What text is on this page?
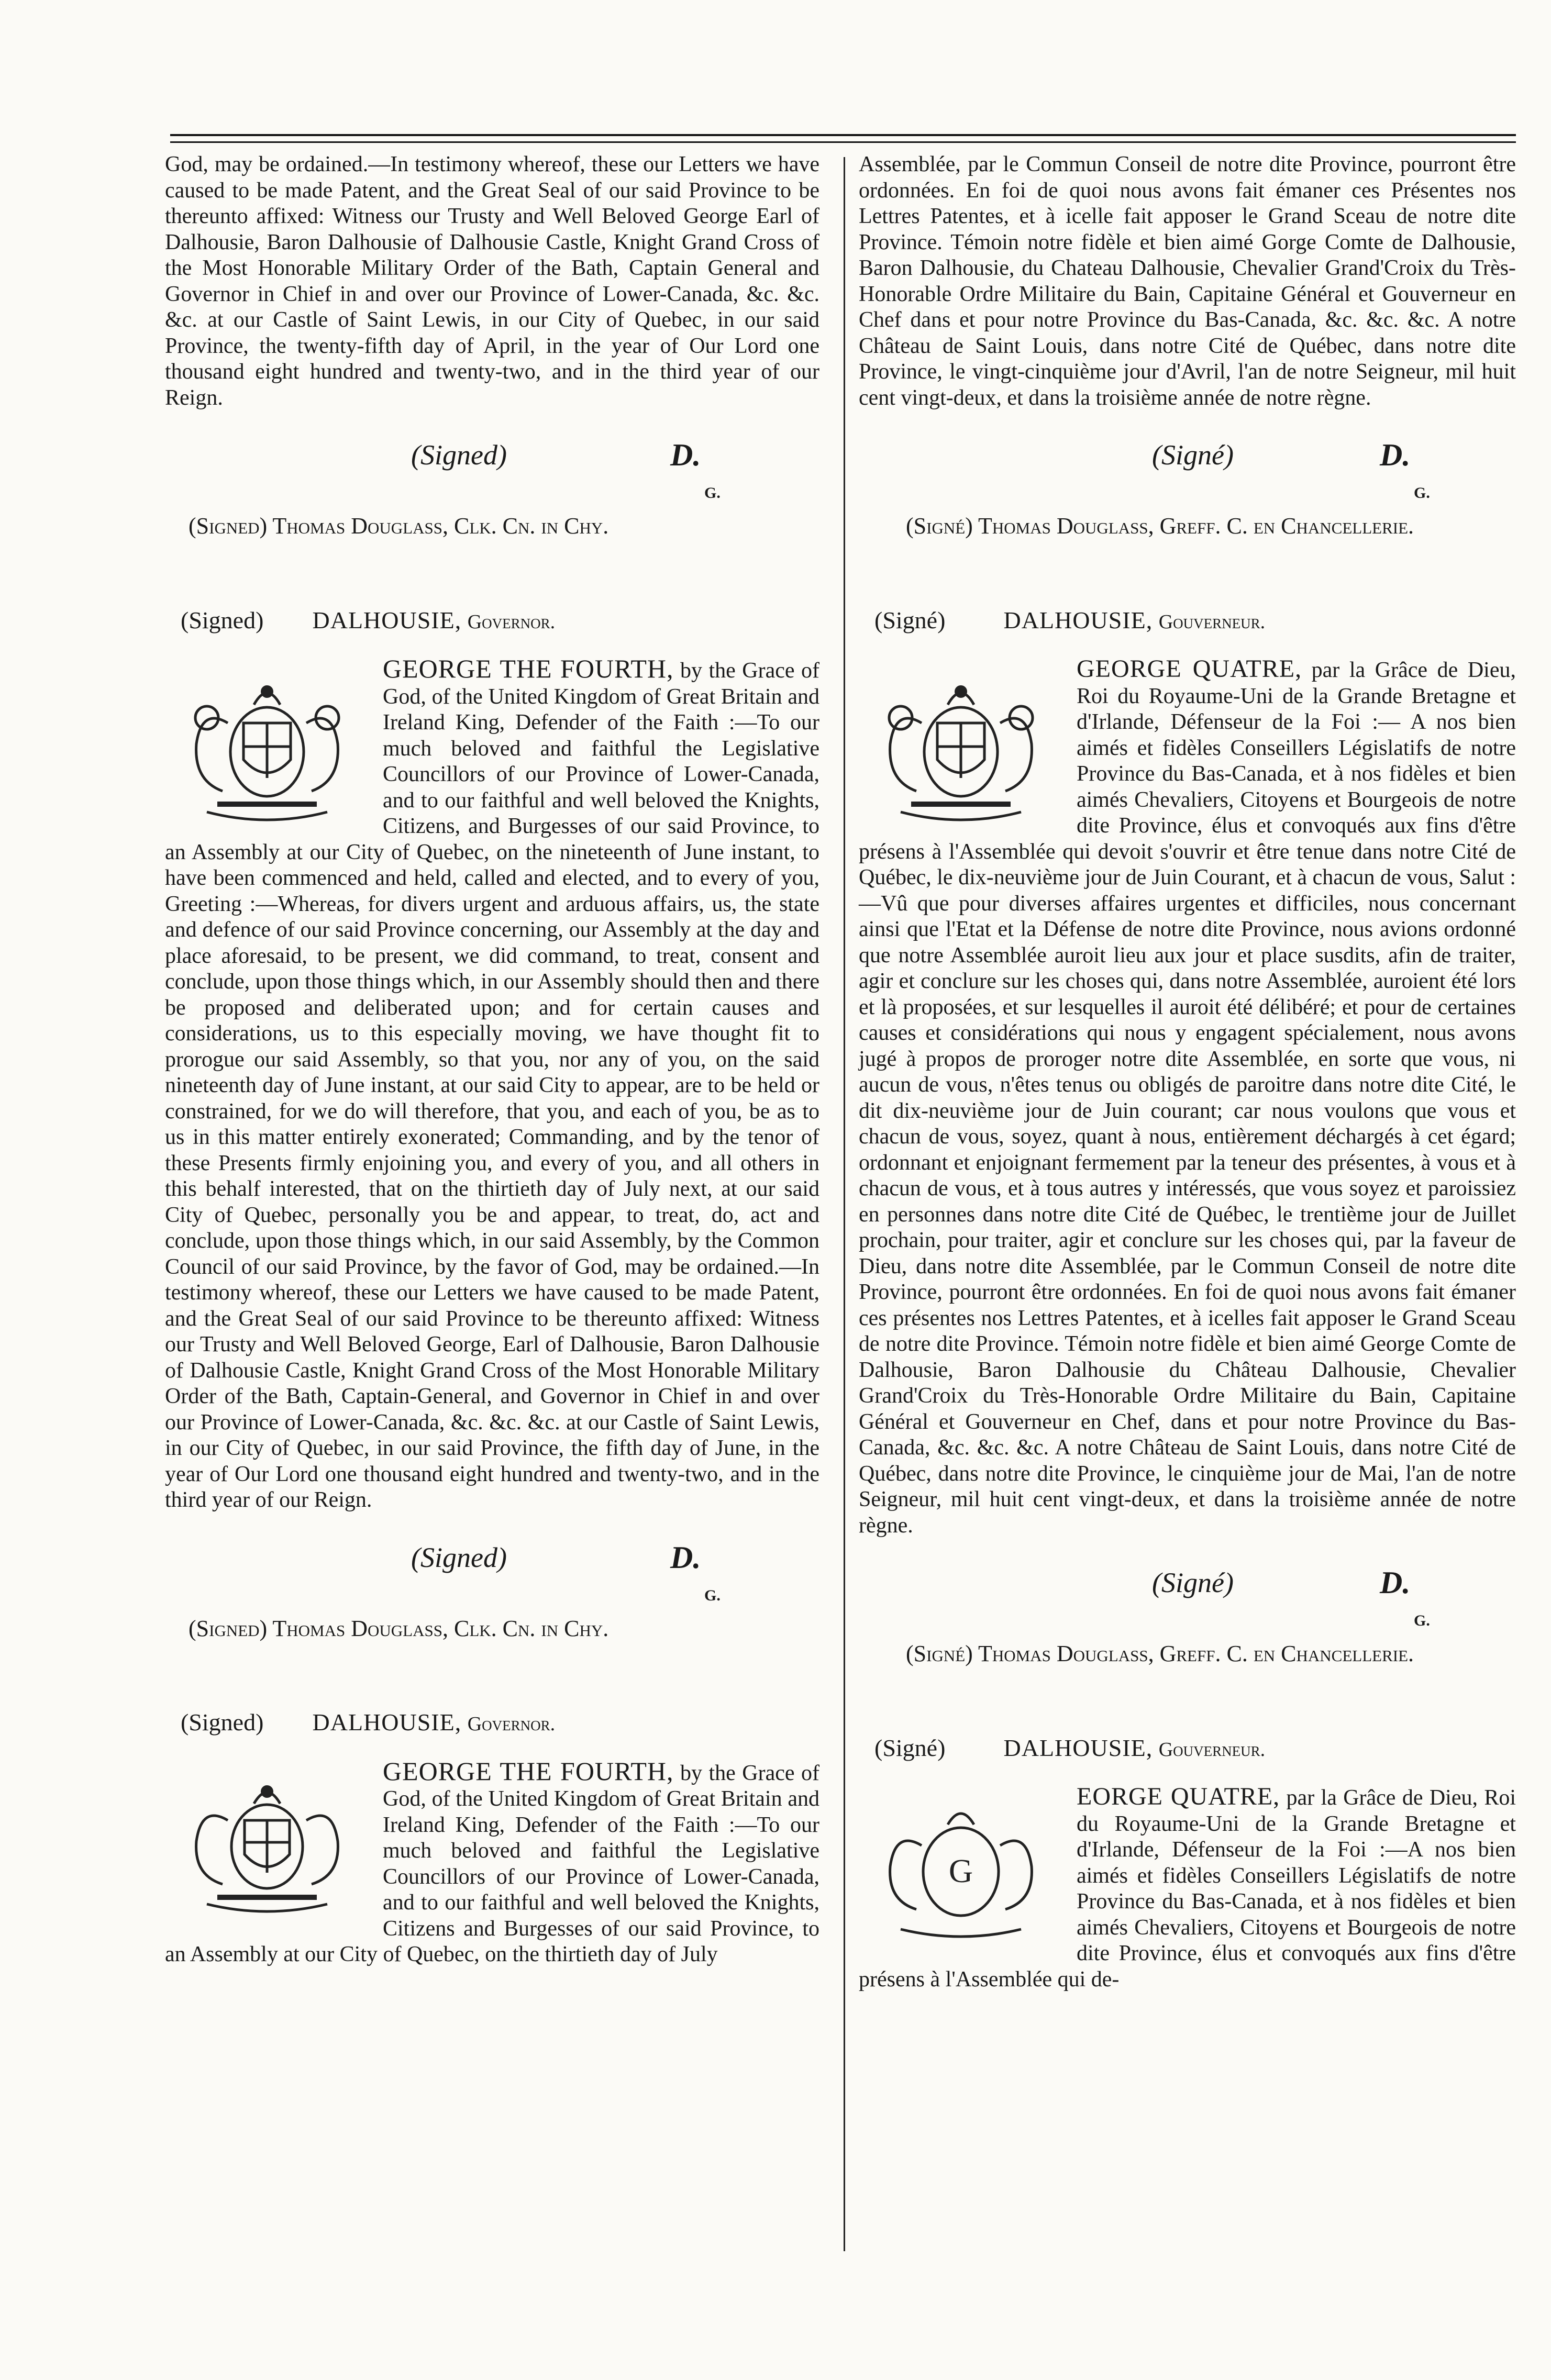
God, may be ordained.—In testimony whereof, these our Letters we have caused to be made Patent, and the Great Seal of our said Province to be thereunto affixed: Witness our Trusty and Well Beloved George Earl of Dalhousie, Baron Dalhousie of Dalhousie Castle, Knight Grand Cross of the Most Honorable Military Order of the Bath, Captain General and Governor in Chief in and over our Province of Lower-Canada, &c. &c. &c. at our Castle of Saint Lewis, in our City of Quebec, in our said Province, the twenty-fifth day of April, in the year of Our Lord one thousand eight hundred and twenty-two, and in the third year of our Reign.

(Signed)	D.
G.
(Signed) Thomas Douglass, Clk. Cn. in Chy.
(Signed) DALHOUSIE, Governor.
GEORGE THE FOURTH, by the Grace of God, of the United Kingdom of Great Britain and Ireland King, Defender of the Faith :—To our much beloved and faithful the Legislative Councillors of our Province of Lower-Canada, and to our faithful and well beloved the Knights, Citizens, and Burgesses of our said Province, to an Assembly at our City of Quebec, on the nineteenth of June instant, to have been commenced and held, called and elected, and to every of you, Greeting :—Whereas, for divers urgent and arduous affairs, us, the state and defence of our said Province concerning, our Assembly at the day and place aforesaid, to be present, we did command, to treat, consent and conclude, upon those things which, in our Assembly should then and there be proposed and deliberated upon; and for certain causes and considerations, us to this especially moving, we have thought fit to prorogue our said Assembly, so that you, nor any of you, on the said nineteenth day of June instant, at our said City to appear, are to be held or constrained, for we do will therefore, that you, and each of you, be as to us in this matter entirely exonerated; Commanding, and by the tenor of these Presents firmly enjoining you, and every of you, and all others in this behalf interested, that on the thirtieth day of July next, at our said City of Quebec, personally you be and appear, to treat, do, act and conclude, upon those things which, in our said Assembly, by the Common Council of our said Province, by the favor of God, may be ordained.—In testimony whereof, these our Letters we have caused to be made Patent, and the Great Seal of our said Province to be thereunto affixed: Witness our Trusty and Well Beloved George, Earl of Dalhousie, Baron Dalhousie of Dalhousie Castle, Knight Grand Cross of the Most Honorable Military Order of the Bath, Captain-General, and Governor in Chief in and over our Province of Lower-Canada, &c. &c. &c. at our Castle of Saint Lewis, in our City of Quebec, in our said Province, the fifth day of June, in the year of Our Lord one thousand eight hundred and twenty-two, and in the third year of our Reign.
(Signed)	D.
G.
(Signed) Thomas Douglass, Clk. Cn. in Chy.
(Signed) DALHOUSIE, Governor.
GEORGE THE FOURTH, by the Grace of God, of the United Kingdom of Great Britain and Ireland King, Defender of the Faith :—To our much beloved and faithful the Legislative Councillors of our Province of Lower-Canada, and to our faithful and well beloved the Knights, Citizens and Burgesses of our said Province, to an Assembly at our City of Quebec, on the thirtieth day of July

Assemblée, par le Commun Conseil de notre dite Province, pourront être ordonnées. En foi de quoi nous avons fait émaner ces Présentes nos Lettres Patentes, et à icelle fait apposer le Grand Sceau de notre dite Province. Témoin notre fidèle et bien aimé Gorge Comte de Dalhousie, Baron Dalhousie, du Chateau Dalhousie, Chevalier Grand'Croix du Très-Honorable Ordre Militaire du Bain, Capitaine Général et Gouverneur en Chef dans et pour notre Province du Bas-Canada, &c. &c. &c. A notre Château de Saint Louis, dans notre Cité de Québec, dans notre dite Province, le vingt-cinquième jour d'Avril, l'an de notre Seigneur, mil huit cent vingt-deux, et dans la troisième année de notre règne.

(Signé)	D.
G.
(Signé) Thomas Douglass, Greff. C. en Chancellerie.
(Signé) DALHOUSIE, Gouverneur.
GEORGE QUATRE, par la Grâce de Dieu, Roi du Royaume-Uni de la Grande Bretagne et d'Irlande, Défenseur de la Foi :— A nos bien aimés et fidèles Conseillers Législatifs de notre Province du Bas-Canada, et à nos fidèles et bien aimés Chevaliers, Citoyens et Bourgeois de notre dite Province, élus et convoqués aux fins d'être présens à l'Assemblée qui devoit s'ouvrir et être tenue dans notre Cité de Québec, le dix-neuvième jour de Juin Courant, et à chacun de vous, Salut :—Vû que pour diverses affaires urgentes et difficiles, nous concernant ainsi que l'Etat et la Défense de notre dite Province, nous avions ordonné que notre Assemblée auroit lieu aux jour et place susdits, afin de traiter, agir et conclure sur les choses qui, dans notre Assemblée, auroient été lors et là proposées, et sur lesquelles il auroit été délibéré; et pour de certaines causes et considérations qui nous y engagent spécialement, nous avons jugé à propos de proroger notre dite Assemblée, en sorte que vous, ni aucun de vous, n'êtes tenus ou obligés de paroitre dans notre dite Cité, le dit dix-neuvième jour de Juin courant; car nous voulons que vous et chacun de vous, soyez, quant à nous, entièrement déchargés à cet égard; ordonnant et enjoignant fermement par la teneur des présentes, à vous et à chacun de vous, et à tous autres y intéressés, que vous soyez et paroissiez en personnes dans notre dite Cité de Québec, le trentième jour de Juillet prochain, pour traiter, agir et conclure sur les choses qui, par la faveur de Dieu, dans notre dite Assemblée, par le Commun Conseil de notre dite Province, pourront être ordonnées. En foi de quoi nous avons fait émaner ces présentes nos Lettres Patentes, et à icelles fait apposer le Grand Sceau de notre dite Province. Témoin notre fidèle et bien aimé George Comte de Dalhousie, Baron Dalhousie du Château Dalhousie, Chevalier Grand'Croix du Très-Honorable Ordre Militaire du Bain, Capitaine Général et Gouverneur en Chef, dans et pour notre Province du Bas-Canada, &c. &c. &c. A notre Château de Saint Louis, dans notre Cité de Québec, dans notre dite Province, le cinquième jour de Mai, l'an de notre Seigneur, mil huit cent vingt-deux, et dans la troisième année de notre règne.
(Signé)	D.
G.
(Signé) Thomas Douglass, Greff. C. en Chancellerie.
(Signé) DALHOUSIE, Gouverneur.
G
EORGE QUATRE, par la Grâce de Dieu, Roi du Royaume-Uni de la Grande Bretagne et d'Irlande, Défenseur de la Foi :—A nos bien aimés et fidèles Conseillers Législatifs de notre Province du Bas-Canada, et à nos fidèles et bien aimés Chevaliers, Citoyens et Bourgeois de notre dite Province, élus et convoqués aux fins d'être présens à l'Assemblée qui de-
